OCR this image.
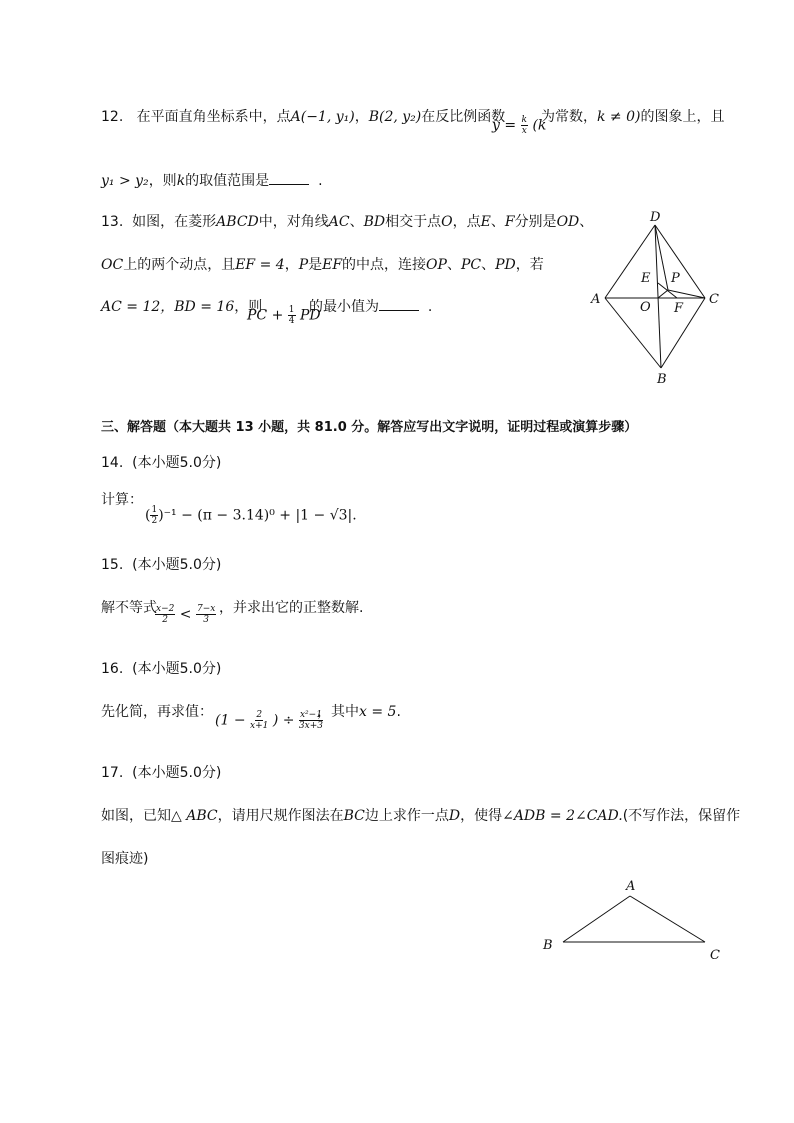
12. 在平面直角坐标系中，点A(−1, y₁)，B(2, y₂)在反比例函数
$y = \frac{k}{x} (k$
为常数，k ≠ 0)的图象上，且
y₁ > y₂，则k的取值范围是	.
13. 如图，在菱形ABCD中，对角线AC、BD相交于点O，点E、F分别是OD、
OC上的两个动点，且EF = 4，P是EF的中点，连接OP、PC、PD，若
AC = 12，BD = 16，则
PC + $\frac{1}{4}$ PD
的最小值为	.
D
A	C
B
E P
O F
三、解答题（本大题共 13 小题，共 81.0 分。解答应写出文字说明，证明过程或演算步骤）
14. (本小题5.0分)
计算：
( $\frac{1}{2} )^{-1} - (\pi - 3.14)^0 + |1 - √3|$.
15. (本小题5.0分)
解不等式
$\frac{x-2}{2} < \frac{7-x}{3}$ ，并求出它的正整数解.
16. (本小题5.0分)
先化简，再求值：
($1 - \frac{2}{x+1}$ ) ÷ $\frac{\text{x²−1}}{3x+3}$
，其中x = 5.
17. (本小题5.0分)
如图，已知△ ABC，请用尺规作图法在BC边上求作一点D，使得∠ADB = 2∠CAD.(不写作法，保留作
图痕迹)
A
B
C
